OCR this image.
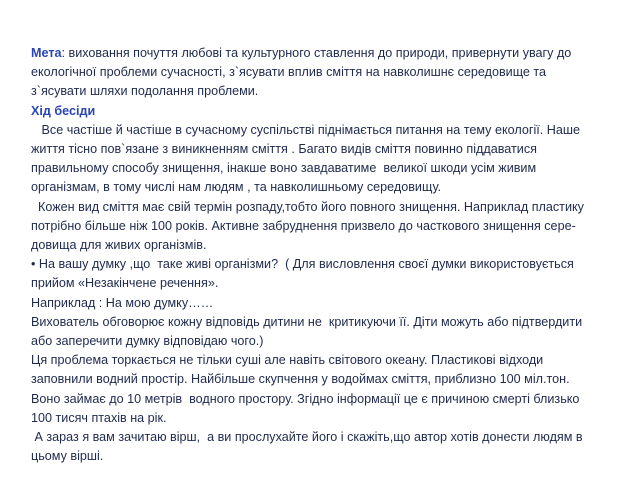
Мета: виховання почуття любові та культурного ставлення до природи, привернути увагу до
екологічної проблеми сучасності, з`ясувати вплив сміття на навколишнє середовище та
з`ясувати шляхи подолання проблеми.
Хід бесіди
Все частіше й частіше в сучасному суспільстві піднімається питання на тему екології. Наше
життя тісно пов`язане з виникненням сміття . Багато видів сміття повинно піддаватися
правильному способу знищення, інакше воно завдаватиме  великої шкоди усім живим
організмам, в тому числі нам людям , та навколишньому середовищу.
Кожен вид сміття має свій термін розпаду,тобто його повного знищення. Наприклад пластику
потрібно більше ніж 100 років. Активне забруднення призвело до часткового знищення сере-
довища для живих організмів.
• На вашу думку ,що  таке живі організми?  ( Для висловлення своєї думки використовується
прийом «Незакінчене речення».
Наприклад : На мою думку……
Вихователь обговорює кожну відповідь дитини не  критикуючи її. Діти можуть або підтвердити
або заперечити думку відповідаю чого.)
Ця проблема торкається не тільки суші але навіть світового океану. Пластикові відходи
заповнили водний простір. Найбільше скупчення у водоймах сміття, приблизно 100 міл.тон.
Воно займає до 10 метрів  водного простору. Згідно інформації це є причиною смерті близько
100 тисяч птахів на рік.
А зараз я вам зачитаю вірш,  а ви прослухайте його і скажіть,що автор хотів донести людям в
цьому вірші.
